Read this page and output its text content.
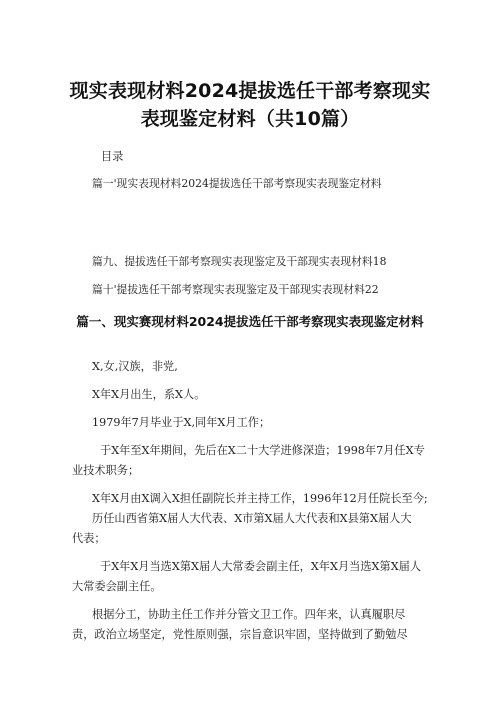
现实表现材料2024提拔选任干部考察现实
表现鉴定材料（共10篇）
目录
篇一'现实表现材料2024提拔选任干部考察现实表现鉴定材料
篇九、提拔选任干部考察现实表现鉴定及干部现实表现材料18
篇十'提拔选任干部考察现实表现鉴定及干部现实表现材料22
篇一、现实赛现材料2024提拔选任干部考察现实表现鉴定材料
X,女,汉族，非党,
X年X月出生，系X人。
1979年7月毕业于X,同年X月工作；
于X年至X年期间，先后在X二十大学进修深造；1998年7月任X专
业技术职务；
X年X月由X调入X担任副院长并主持工作，1996年12月任院长至今;
历任山西省第X届人大代表、X市第X届人大代表和X县第X届人大
代表；
于X年X月当选X第X届人大常委会副主任，X年X月当选X第X届人
大常委会副主任。
根据分工，协助主任工作并分管文卫工作。四年来，认真履职尽
责，政治立场坚定，党性原则强，宗旨意识牢固，坚持做到了勤勉尽
